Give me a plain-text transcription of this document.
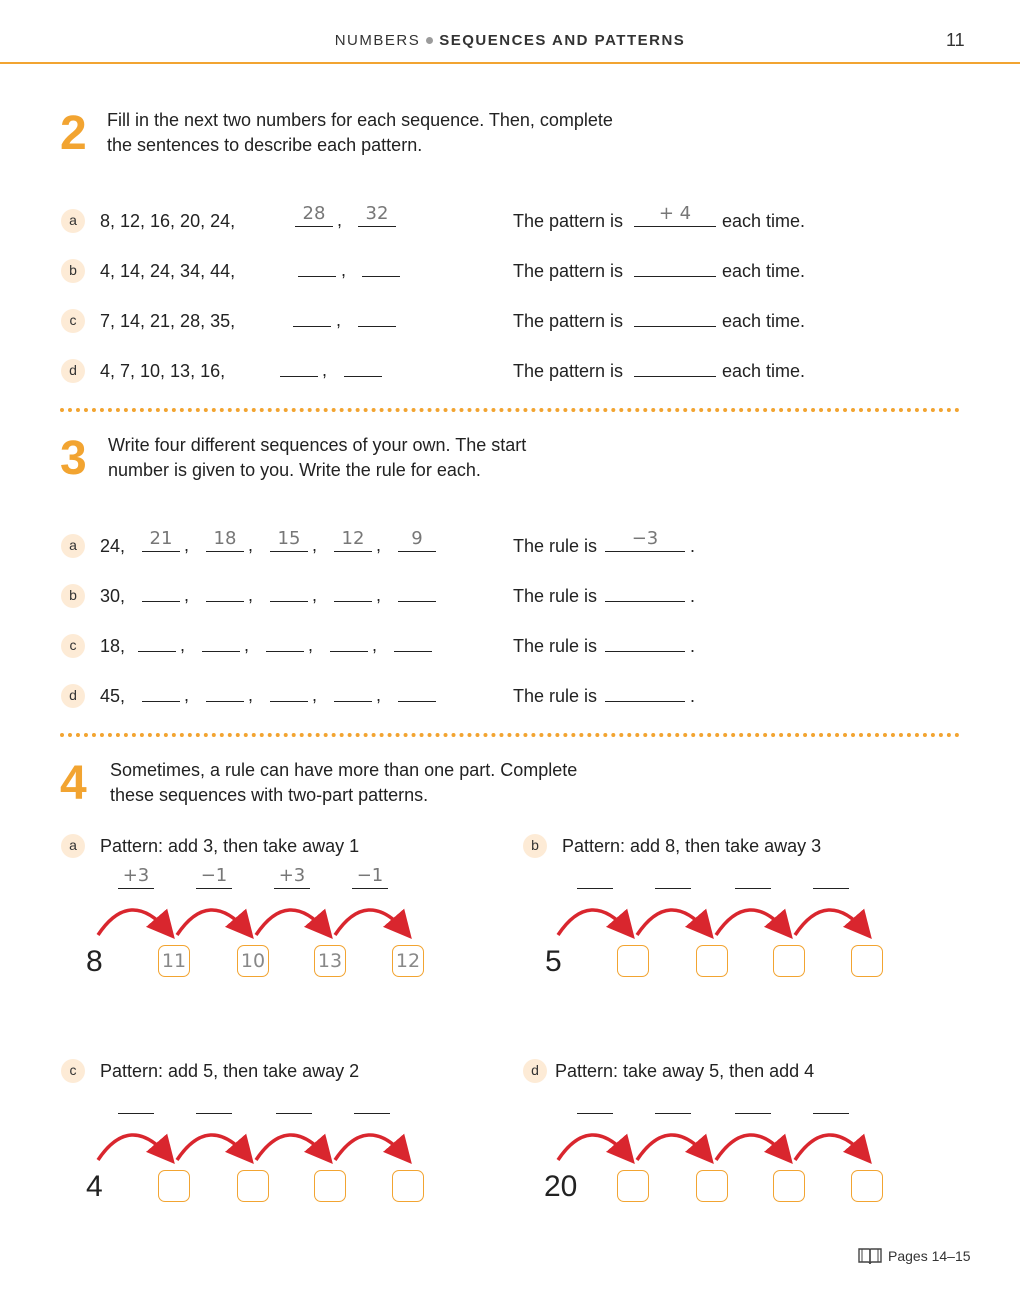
NUMBERS SEQUENCES AND PATTERNS	11
2 Fill in the next two numbers for each sequence. Then, complete
the sentences to describe each pattern.
a	8, 12, 16, 20, 24,	28 ,	32	The pattern is	+ 4	each time.
b	4, 14, 24, 34, 44,	,	The pattern is	each time.
c	7, 14, 21, 28, 35,	,	The pattern is	each time.
d	4, 7, 10, 13, 16,	,	The pattern is	each time.
3 Write four different sequences of your own. The start
number is given to you. Write the rule for each.
a	24,	21 ,	18 ,	15 ,	12 ,	9	The rule is	−3	.
b	30,	,	,	,	,	The rule is	.
c	18,	,	,	,	,	The rule is	.
d	45,	,	,	,	,	The rule is	.
4 Sometimes, a rule can have more than one part. Complete
these sequences with two-part patterns.
a	Pattern: add 3, then take away 1
+3	−1	+3	−1
8	11	10	13	12
b	Pattern: add 8, then take away 3
5
c	Pattern: add 5, then take away 2
4
d Pattern: take away 5, then add 4
20
Pages 14–15
